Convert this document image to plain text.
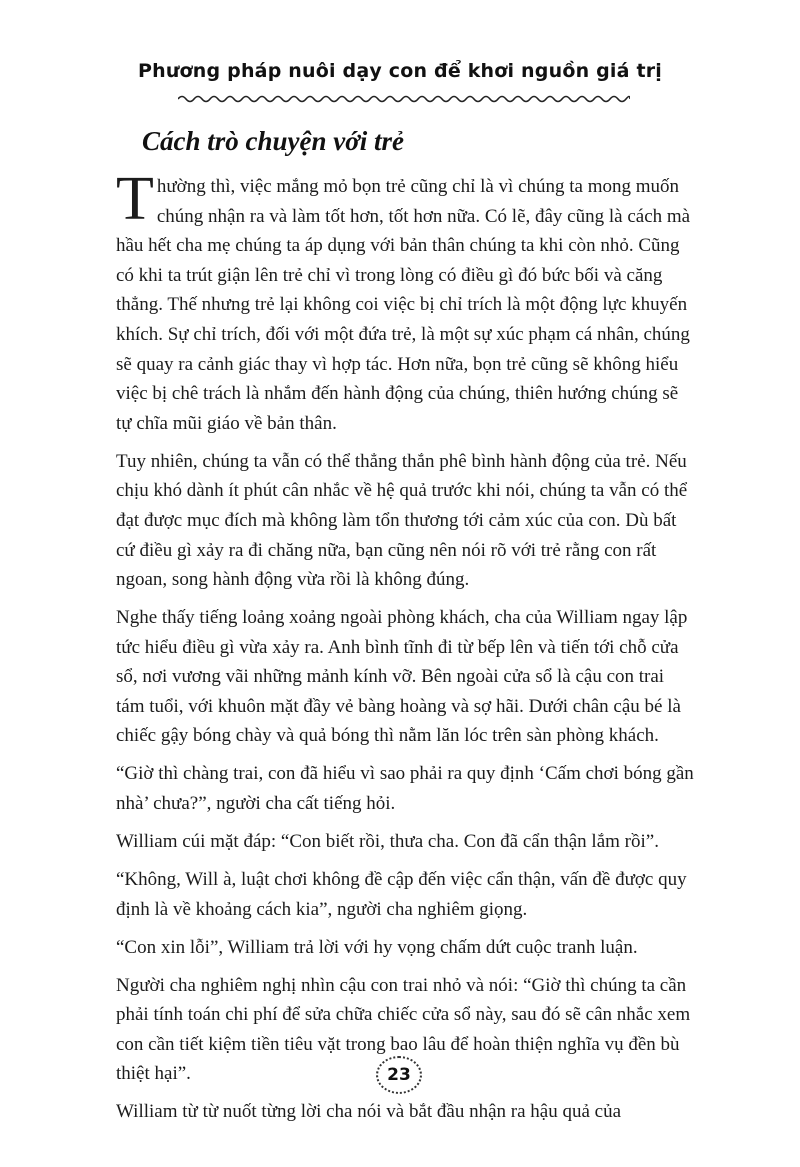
Phương pháp nuôi dạy con để khơi nguồn giá trị
Cách trò chuyện với trẻ

Thường thì, việc mắng mỏ bọn trẻ cũng chỉ là vì chúng ta mong muốn chúng nhận ra và làm tốt hơn, tốt hơn nữa. Có lẽ, đây cũng là cách mà hầu hết cha mẹ chúng ta áp dụng với bản thân chúng ta khi còn nhỏ. Cũng có khi ta trút giận lên trẻ chỉ vì trong lòng có điều gì đó bức bối và căng thẳng. Thế nhưng trẻ lại không coi việc bị chỉ trích là một động lực khuyến khích. Sự chỉ trích, đối với một đứa trẻ, là một sự xúc phạm cá nhân, chúng sẽ quay ra cảnh giác thay vì hợp tác. Hơn nữa, bọn trẻ cũng sẽ không hiểu việc bị chê trách là nhắm đến hành động của chúng, thiên hướng chúng sẽ tự chĩa mũi giáo về bản thân.

Tuy nhiên, chúng ta vẫn có thể thẳng thắn phê bình hành động của trẻ. Nếu chịu khó dành ít phút cân nhắc về hệ quả trước khi nói, chúng ta vẫn có thể đạt được mục đích mà không làm tổn thương tới cảm xúc của con. Dù bất cứ điều gì xảy ra đi chăng nữa, bạn cũng nên nói rõ với trẻ rằng con rất ngoan, song hành động vừa rồi là không đúng.

Nghe thấy tiếng loảng xoảng ngoài phòng khách, cha của William ngay lập tức hiểu điều gì vừa xảy ra. Anh bình tĩnh đi từ bếp lên và tiến tới chỗ cửa sổ, nơi vương vãi những mảnh kính vỡ. Bên ngoài cửa sổ là cậu con trai tám tuổi, với khuôn mặt đầy vẻ bàng hoàng và sợ hãi. Dưới chân cậu bé là chiếc gậy bóng chày và quả bóng thì nằm lăn lóc trên sàn phòng khách.

“Giờ thì chàng trai, con đã hiểu vì sao phải ra quy định ‘Cấm chơi bóng gần nhà’ chưa?”, người cha cất tiếng hỏi.

William cúi mặt đáp: “Con biết rồi, thưa cha. Con đã cẩn thận lắm rồi”.

“Không, Will à, luật chơi không đề cập đến việc cẩn thận, vấn đề được quy định là về khoảng cách kia”, người cha nghiêm giọng.

“Con xin lỗi”, William trả lời với hy vọng chấm dứt cuộc tranh luận.

Người cha nghiêm nghị nhìn cậu con trai nhỏ và nói: “Giờ thì chúng ta cần phải tính toán chi phí để sửa chữa chiếc cửa sổ này, sau đó sẽ cân nhắc xem con cần tiết kiệm tiền tiêu vặt trong bao lâu để hoàn thiện nghĩa vụ đền bù thiệt hại”.

William từ từ nuốt từng lời cha nói và bắt đầu nhận ra hậu quả của

23
